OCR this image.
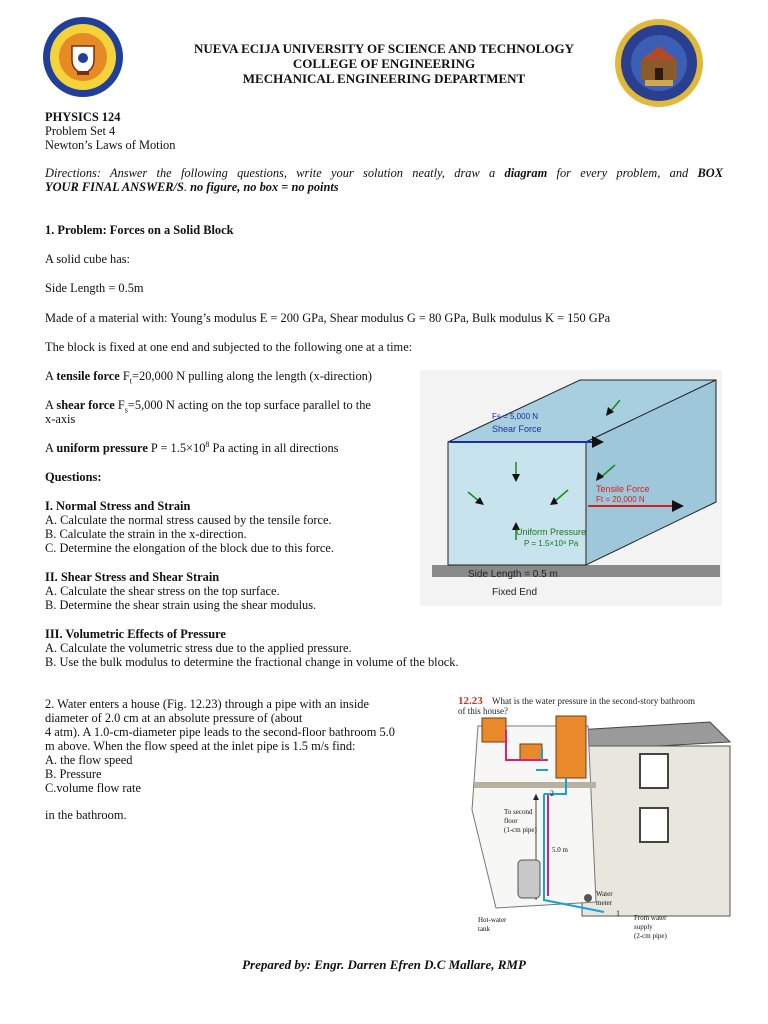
NUEVA ECIJA UNIVERSITY OF SCIENCE AND TECHNOLOGY
COLLEGE OF ENGINEERING
MECHANICAL ENGINEERING DEPARTMENT
PHYSICS 124
Problem Set 4
Newton’s Laws of Motion
Directions: Answer the following questions, write your solution neatly, draw a diagram for every problem, and BOX
YOUR FINAL ANSWER/S. no figure, no box = no points
1. Problem: Forces on a Solid Block
A solid cube has:
Side Length = 0.5m
Made of a material with: Young’s modulus E = 200 GPa, Shear modulus G = 80 GPa, Bulk modulus K = 150 GPa
The block is fixed at one end and subjected to the following one at a time:
A tensile force $F_t=20,000$ N pulling along the length (x-direction)
A shear force $F_s=5,000$ N acting on the top surface parallel to the
x-axis
A uniform pressure $P = 1.5\times 10^8$ Pa acting in all directions
Questions:
I. Normal Stress and Strain
A. Calculate the normal stress caused by the tensile force.
B. Calculate the strain in the x-direction.
C. Determine the elongation of the block due to this force.
II. Shear Stress and Shear Strain
A. Calculate the shear stress on the top surface.
B. Determine the shear strain using the shear modulus.
III. Volumetric Effects of Pressure
A. Calculate the volumetric stress due to the applied pressure.
B. Use the bulk modulus to determine the fractional change in volume of the block.
Fs = 5,000 N
Shear Force
Tensile Force
Ft = 20,000 N
Uniform Pressure
P = 1.5×10⁸ Pa
Side Length = 0.5 m
Fixed End
2. Water enters a house (Fig. 12.23) through a pipe with an inside
diameter of 2.0 cm at an absolute pressure of (about
4 atm). A 1.0-cm-diameter pipe leads to the second-floor bathroom 5.0
m above. When the flow speed at the inlet pipe is 1.5 m/s find:
A. the flow speed
B. Pressure
C.volume flow rate
in the bathroom.
12.23 What is the water pressure in the second-story bathroom
of this house?
2
1
To second
floor
(1-cm pipe)
5.0 m
Water
meter
Hot-water
tank
From water
supply
(2-cm pipe)
Prepared by: Engr. Darren Efren D.C Mallare, RMP
